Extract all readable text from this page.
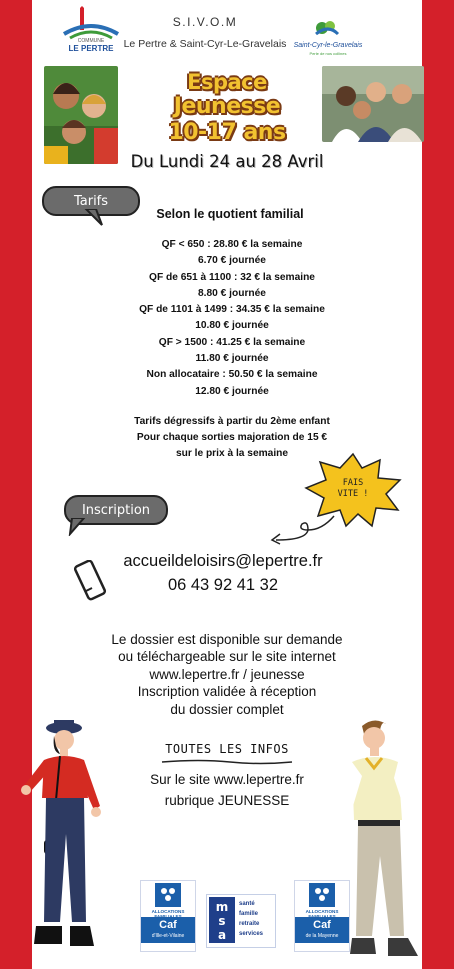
COMMUNE
LE PERTRE
S.I.V.O.M
Le Pertre & Saint-Cyr-Le-Gravelais	Saint-Cyr-le-Gravelais
Perle de nos collines
Espace
Jeunesse
10-17 ans
Du Lundi 24 au 28 Avril
Tarifs
Selon le quotient familial

QF < 650 : 28.80 € la semaine

6.70 € journée

QF de 651 à 1100 : 32 € la semaine

8.80 € journée

QF de 1101 à 1499 : 34.35 € la semaine

10.80 € journée

QF > 1500 : 41.25 € la semaine

11.80 € journée

Non allocataire : 50.50 € la semaine

12.80 € journée

Tarifs dégressifs à partir du 2ème enfant

Pour chaque sorties majoration de 15 €

sur le prix à la semaine

FAIS
VITE !
Inscription
accueildeloisirs@lepertre.fr
06 43 92 41 32
Le dossier est disponible sur demande
ou téléchargeable sur le site internet
www.lepertre.fr / jeunesse
Inscription validée à réception
du dossier complet
TOUTES LES INFOS
Sur le site www.lepertre.fr
rubrique JEUNESSE
ALLOCATIONS
Caf
d'Ille-et-Vilaine
m
s
a
santé
famille
retraite
services
ALLOCATIONS
Caf
de la Mayenne
